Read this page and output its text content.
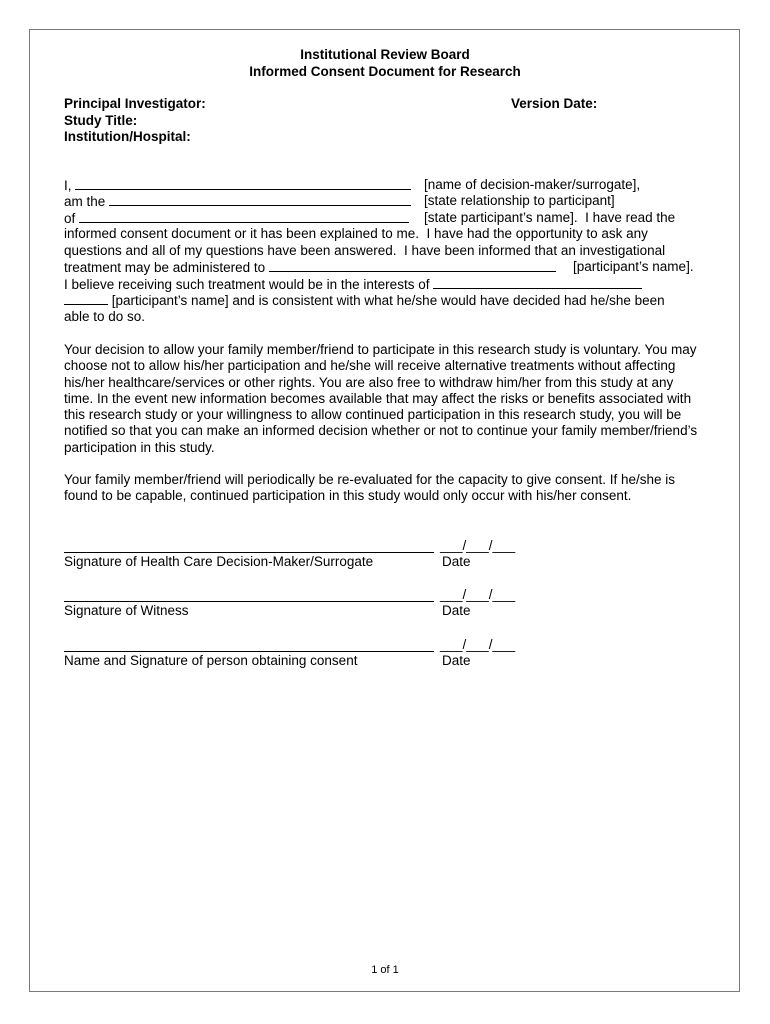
Institutional Review Board
Informed Consent Document for Research
Principal Investigator:	Version Date:
Study Title:
Institution/Hospital:
I,	[name of decision-maker/surrogate],
am the	[state relationship to participant]
of	[state participant’s name].  I have read the
informed consent document or it has been explained to me.  I have had the opportunity to ask any
questions and all of my questions have been answered.  I have been informed that an investigational
treatment may be administered to	[participant’s name].
I believe receiving such treatment would be in the interests of
[participant’s name] and is consistent with what he/she would have decided had he/she been
able to do so.
Your decision to allow your family member/friend to participate in this research study is voluntary. You may choose not to allow his/her participation and he/she will receive alternative treatments without affecting his/her healthcare/services or other rights. You are also free to withdraw him/her from this study at any time. In the event new information becomes available that may affect the risks or benefits associated with this research study or your willingness to allow continued participation in this research study, you will be notified so that you can make an informed decision whether or not to continue your family member/friend’s participation in this study.
Your family member/friend will periodically be re-evaluated for the capacity to give consent. If he/she is found to be capable, continued participation in this study would only occur with his/her consent.
___/___/___
Signature of Health Care Decision-Maker/Surrogate	Date
___/___/___
Signature of Witness	Date
___/___/___
Name and Signature of person obtaining consent	Date
1 of 1
